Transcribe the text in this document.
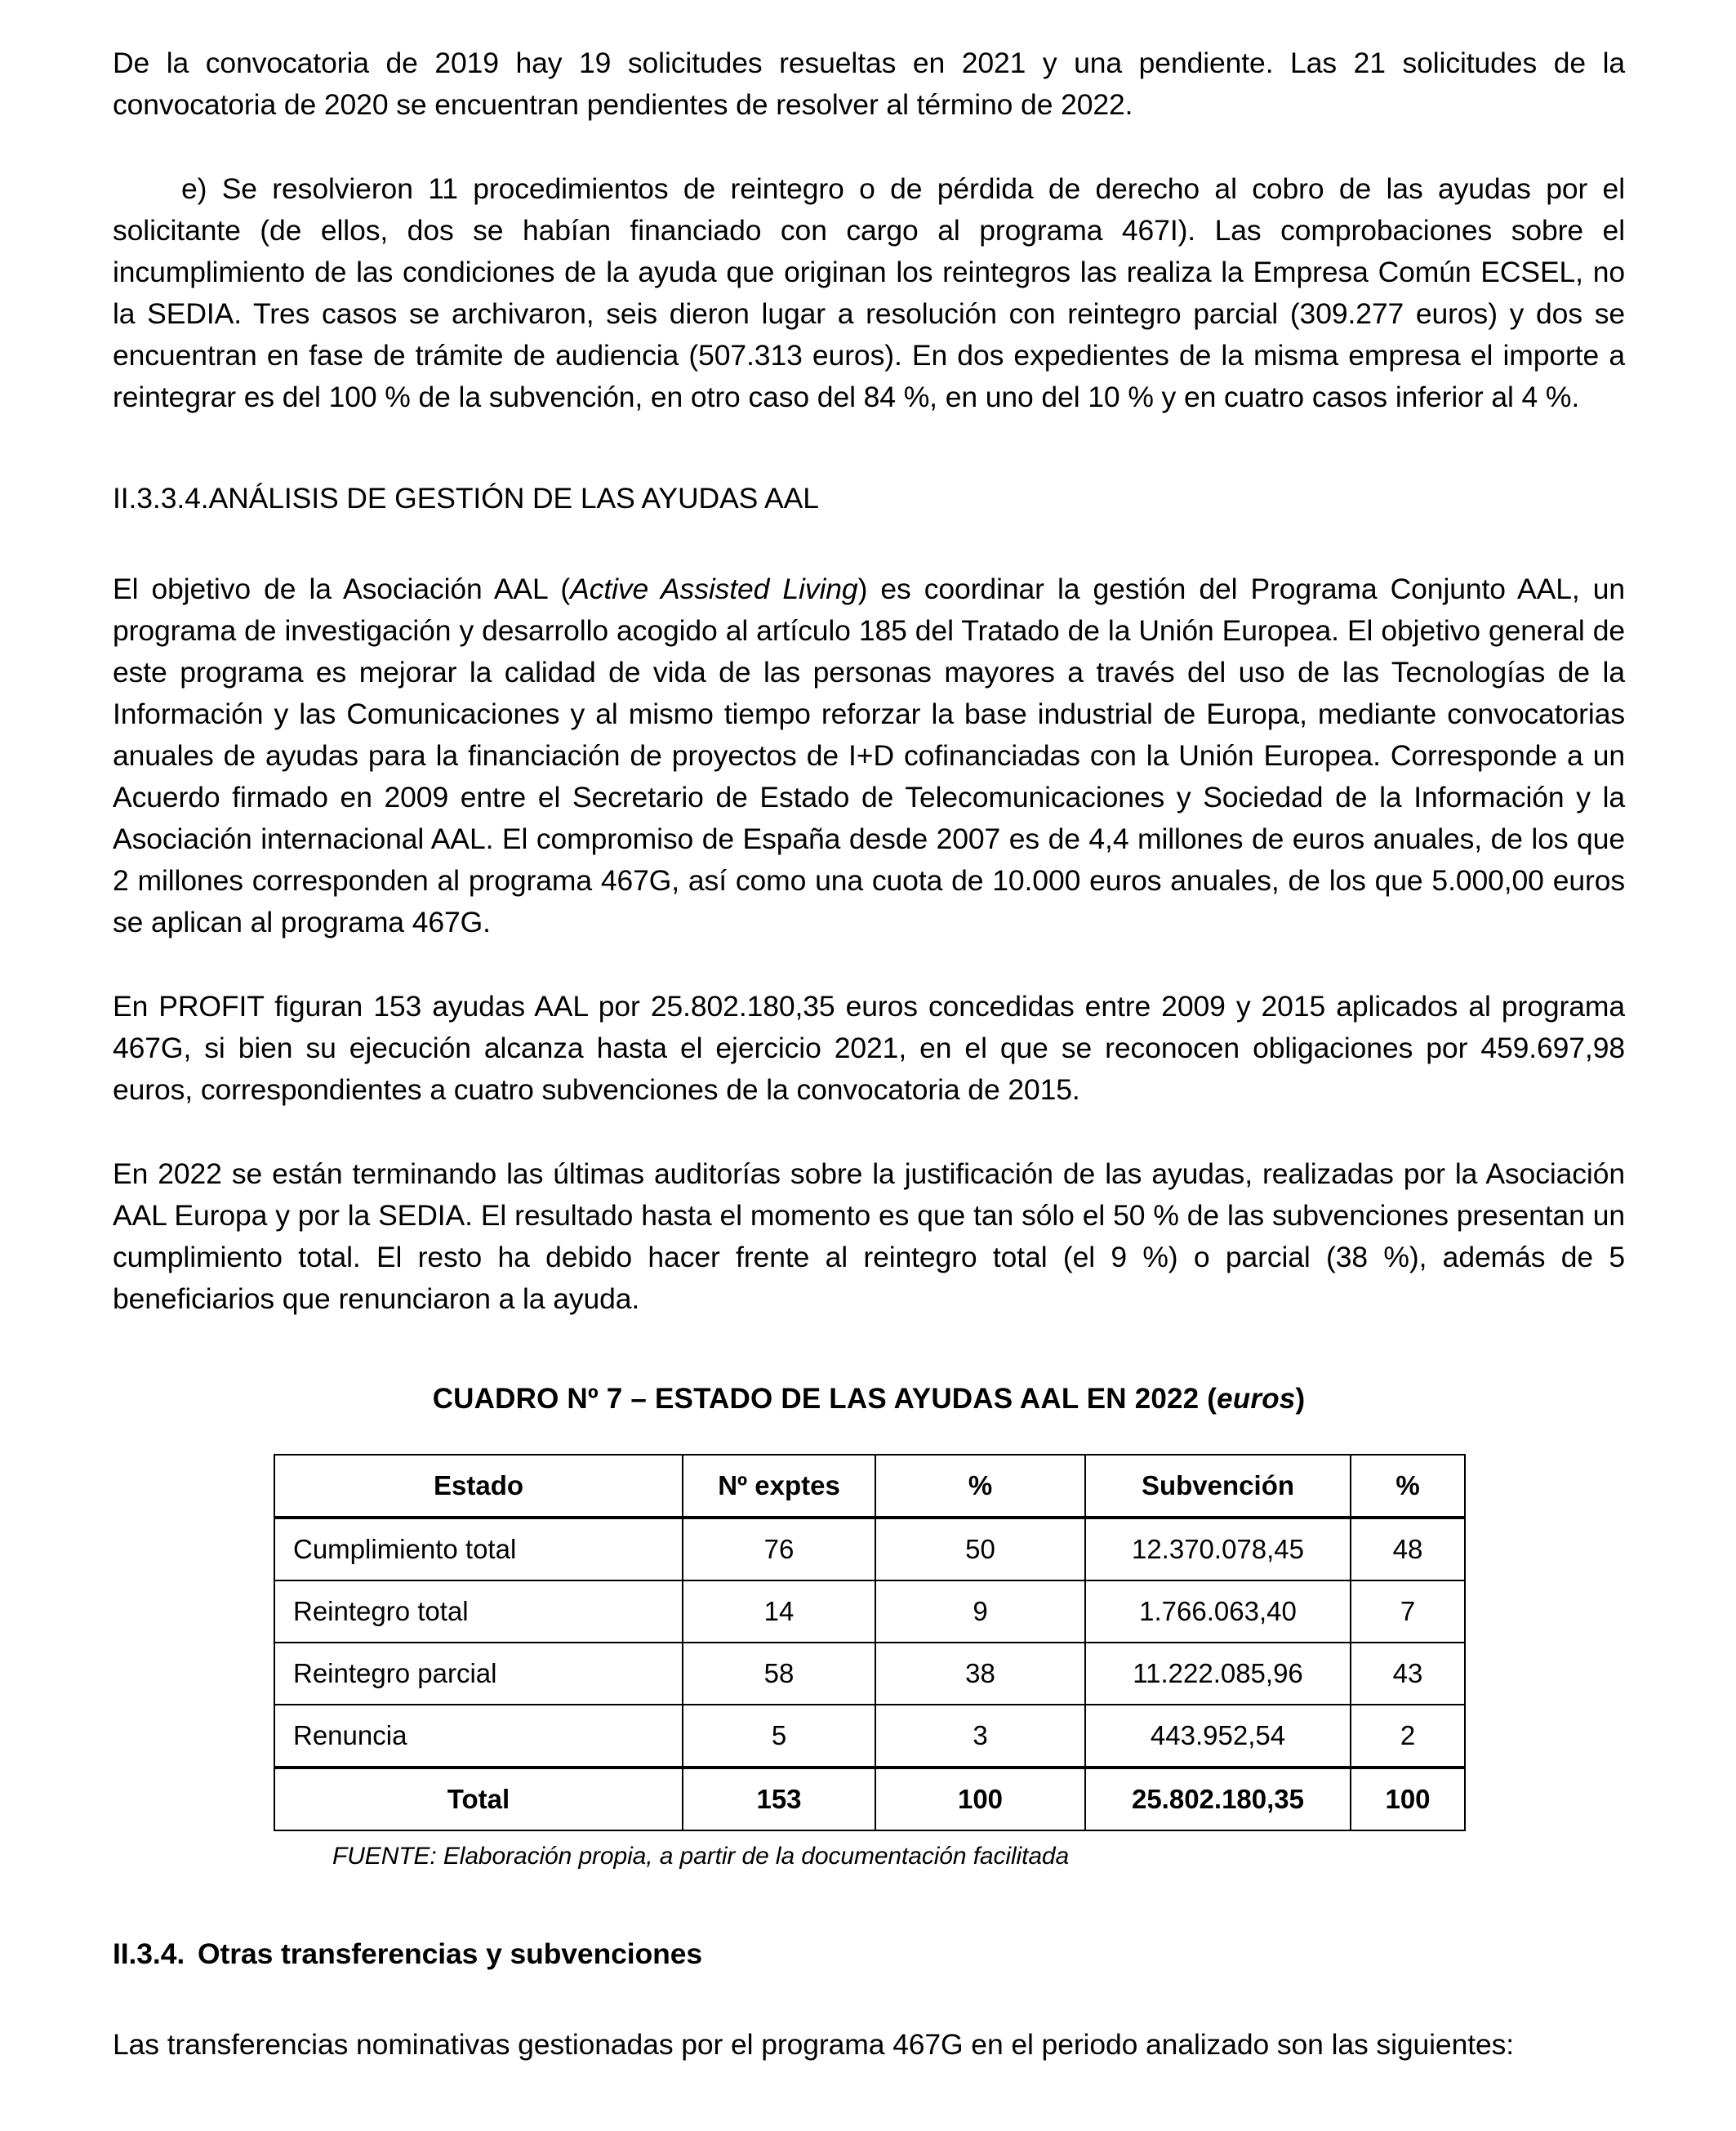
De la convocatoria de 2019 hay 19 solicitudes resueltas en 2021 y una pendiente. Las 21 solicitudes de la convocatoria de 2020 se encuentran pendientes de resolver al término de 2022.

e) Se resolvieron 11 procedimientos de reintegro o de pérdida de derecho al cobro de las ayudas por el solicitante (de ellos, dos se habían financiado con cargo al programa 467I). Las comprobaciones sobre el incumplimiento de las condiciones de la ayuda que originan los reintegros las realiza la Empresa Común ECSEL, no la SEDIA. Tres casos se archivaron, seis dieron lugar a resolución con reintegro parcial (309.277 euros) y dos se encuentran en fase de trámite de audiencia (507.313 euros). En dos expedientes de la misma empresa el importe a reintegrar es del 100 % de la subvención, en otro caso del 84 %, en uno del 10 % y en cuatro casos inferior al 4 %.

II.3.3.4.ANÁLISIS DE GESTIÓN DE LAS AYUDAS AAL

El objetivo de la Asociación AAL (Active Assisted Living) es coordinar la gestión del Programa Conjunto AAL, un programa de investigación y desarrollo acogido al artículo 185 del Tratado de la Unión Europea. El objetivo general de este programa es mejorar la calidad de vida de las personas mayores a través del uso de las Tecnologías de la Información y las Comunicaciones y al mismo tiempo reforzar la base industrial de Europa, mediante convocatorias anuales de ayudas para la financiación de proyectos de I+D cofinanciadas con la Unión Europea. Corresponde a un Acuerdo firmado en 2009 entre el Secretario de Estado de Telecomunicaciones y Sociedad de la Información y la Asociación internacional AAL. El compromiso de España desde 2007 es de 4,4 millones de euros anuales, de los que 2 millones corresponden al programa 467G, así como una cuota de 10.000 euros anuales, de los que 5.000,00 euros se aplican al programa 467G.

En PROFIT figuran 153 ayudas AAL por 25.802.180,35 euros concedidas entre 2009 y 2015 aplicados al programa 467G, si bien su ejecución alcanza hasta el ejercicio 2021, en el que se reconocen obligaciones por 459.697,98 euros, correspondientes a cuatro subvenciones de la convocatoria de 2015.

En 2022 se están terminando las últimas auditorías sobre la justificación de las ayudas, realizadas por la Asociación AAL Europa y por la SEDIA. El resultado hasta el momento es que tan sólo el 50 % de las subvenciones presentan un cumplimiento total. El resto ha debido hacer frente al reintegro total (el 9 %) o parcial (38 %), además de 5 beneficiarios que renunciaron a la ayuda.

CUADRO Nº 7 – ESTADO DE LAS AYUDAS AAL EN 2022 (euros)

Estado	Nº exptes	%	Subvención	%
Cumplimiento total	76	50	12.370.078,45	48
Reintegro total	14	9	1.766.063,40	7
Reintegro parcial	58	38	11.222.085,96	43
Renuncia	5	3	443.952,54	2
Total	153	100	25.802.180,35	100

FUENTE: Elaboración propia, a partir de la documentación facilitada

II.3.4. Otras transferencias y subvenciones

Las transferencias nominativas gestionadas por el programa 467G en el periodo analizado son las siguientes:
